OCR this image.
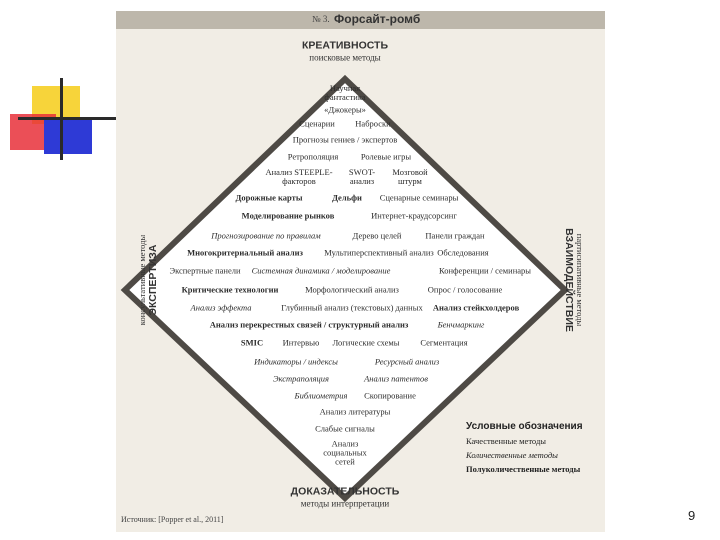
№ 3. Форсайт-ромб
КРЕАТИВНОСТЬ
поисковые методы
ДОКАЗАТЕЛЬНОСТЬ
методы интерпретации
консультативные методы ЭКСПЕРТИЗА	партисипативные методы
ВЗАИМОДЕЙСТВИЕ
Научная
фантастика
«Джокеры»
Сценарии Наброски
Прогнозы гениев / экспертов
Ретрополяция	Ролевые игры
Анализ STEEPLE-
факторов
SWOT-
анализ
Мозговой
штурм
Дорожные карты	Дельфи Сценарные семинары
Моделирование рынков	Интернет-краудсорсинг
Прогнозирование по правилам	Дерево целей	Панели граждан
Многокритериальный анализ	Мультиперспективный анализ Обследования
Экспертные панели Системная динамика / моделирование	Конференции / семинары
Критические технологии	Морфологический анализ	Опрос / голосование
Анализ эффекта	Глубинный анализ (текстовых) данных Анализ стейкхолдеров
Анализ перекрестных связей / структурный анализ	Бенчмаркинг
SMIC Интервью Логические схемы Сегментация
Индикаторы / индексы	Ресурсный анализ
Экстраполяция	Анализ патентов
Библиометрия Скопирование
Анализ литературы
Слабые сигналы
Анализ
социальных
сетей
Условные обозначения
Качественные методы
Количественные методы
Полуколичественные методы
Источник: [Popper et al., 2011]	9
